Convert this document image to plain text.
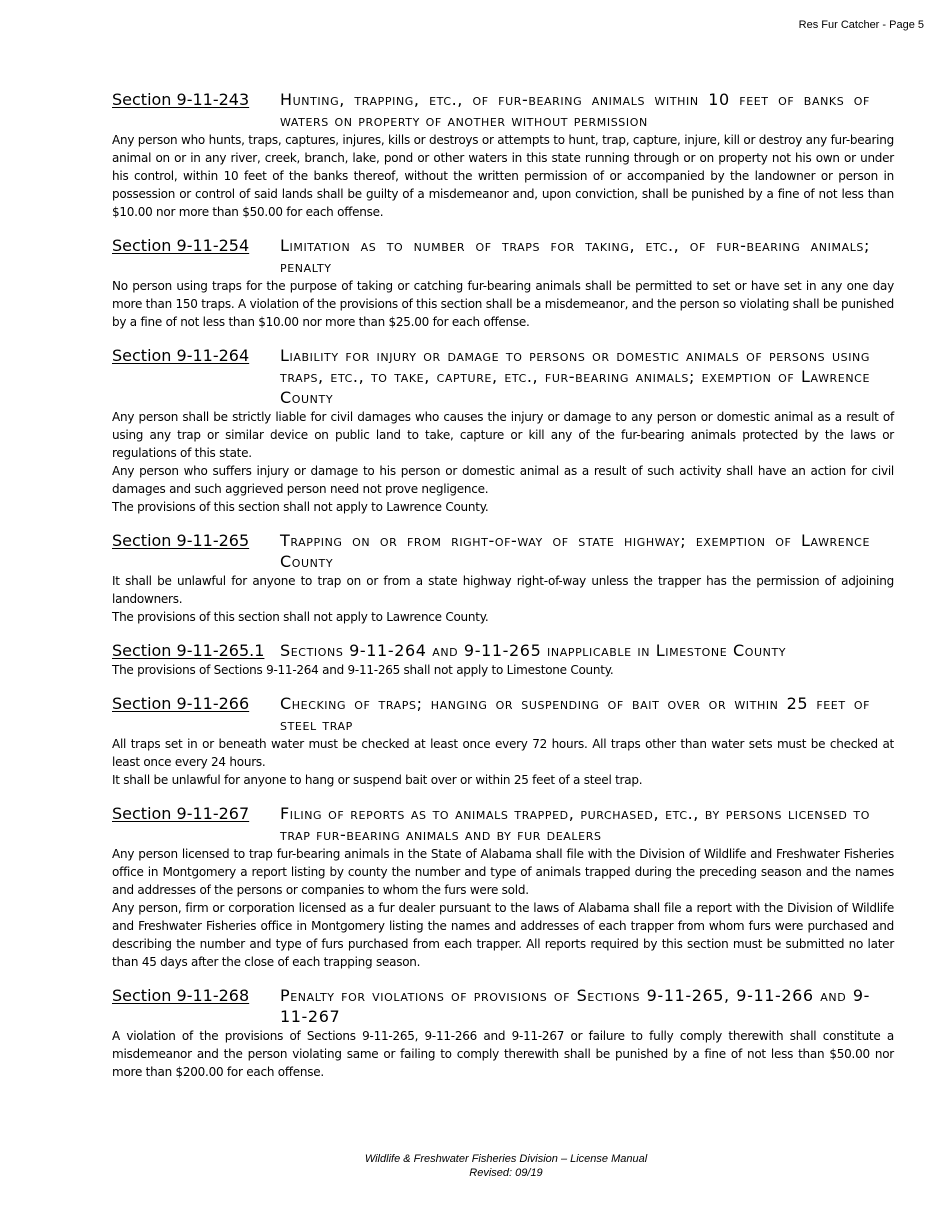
Res Fur Catcher - Page 5
Section 9-11-243	Hunting, trapping, etc., of fur-bearing animals within 10 feet of banks of waters on property of another without permission
Any person who hunts, traps, captures, injures, kills or destroys or attempts to hunt, trap, capture, injure, kill or destroy any fur-bearing animal on or in any river, creek, branch, lake, pond or other waters in this state running through or on property not his own or under his control, within 10 feet of the banks thereof, without the written permission of or accompanied by the landowner or person in possession or control of said lands shall be guilty of a misdemeanor and, upon conviction, shall be punished by a fine of not less than $10.00 nor more than $50.00 for each offense.
Section 9-11-254	Limitation as to number of traps for taking, etc., of fur-bearing animals; penalty
No person using traps for the purpose of taking or catching fur-bearing animals shall be permitted to set or have set in any one day more than 150 traps. A violation of the provisions of this section shall be a misdemeanor, and the person so violating shall be punished by a fine of not less than $10.00 nor more than $25.00 for each offense.
Section 9-11-264	Liability for injury or damage to persons or domestic animals of persons using traps, etc., to take, capture, etc., fur-bearing animals; exemption of Lawrence County
Any person shall be strictly liable for civil damages who causes the injury or damage to any person or domestic animal as a result of using any trap or similar device on public land to take, capture or kill any of the fur-bearing animals protected by the laws or regulations of this state.
Any person who suffers injury or damage to his person or domestic animal as a result of such activity shall have an action for civil damages and such aggrieved person need not prove negligence.
The provisions of this section shall not apply to Lawrence County.
Section 9-11-265	Trapping on or from right-of-way of state highway; exemption of Lawrence County
It shall be unlawful for anyone to trap on or from a state highway right-of-way unless the trapper has the permission of adjoining landowners.
The provisions of this section shall not apply to Lawrence County.
Section 9-11-265.1 Sections 9-11-264 and 9-11-265 inapplicable in Limestone County
The provisions of Sections 9-11-264 and 9-11-265 shall not apply to Limestone County.
Section 9-11-266	Checking of traps; hanging or suspending of bait over or within 25 feet of steel trap
All traps set in or beneath water must be checked at least once every 72 hours. All traps other than water sets must be checked at least once every 24 hours.
It shall be unlawful for anyone to hang or suspend bait over or within 25 feet of a steel trap.
Section 9-11-267	Filing of reports as to animals trapped, purchased, etc., by persons licensed to trap fur-bearing animals and by fur dealers
Any person licensed to trap fur-bearing animals in the State of Alabama shall file with the Division of Wildlife and Freshwater Fisheries office in Montgomery a report listing by county the number and type of animals trapped during the preceding season and the names and addresses of the persons or companies to whom the furs were sold.
Any person, firm or corporation licensed as a fur dealer pursuant to the laws of Alabama shall file a report with the Division of Wildlife and Freshwater Fisheries office in Montgomery listing the names and addresses of each trapper from whom furs were purchased and describing the number and type of furs purchased from each trapper. All reports required by this section must be submitted no later than 45 days after the close of each trapping season.
Section 9-11-268	Penalty for violations of provisions of Sections 9-11-265, 9-11-266 and 9-11-267
A violation of the provisions of Sections 9-11-265, 9-11-266 and 9-11-267 or failure to fully comply therewith shall constitute a misdemeanor and the person violating same or failing to comply therewith shall be punished by a fine of not less than $50.00 nor more than $200.00 for each offense.
Wildlife & Freshwater Fisheries Division – License Manual
Revised: 09/19
